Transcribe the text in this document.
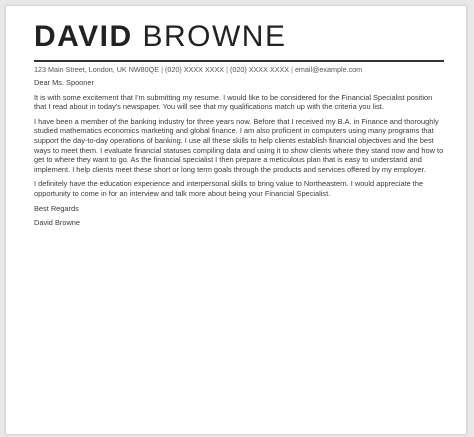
DAVID BROWNE
123 Main Street, London, UK NW80QE | (020) XXXX XXXX | (020) XXXX XXXX | email@example.com

Dear Ms. Spooner

It is with some excitement that I'm submitting my resume. I would like to be considered for the Financial Specialist position that I read about in today's newspaper. You will see that my qualifications match up with the criteria you list.

I have been a member of the banking industry for three years now. Before that I received my B.A. in Finance and thoroughly studied mathematics economics marketing and global finance. I am also proficient in computers using many programs that support the day-to-day operations of banking. I use all these skills to help clients establish financial objectives and the best ways to meet them. I evaluate financial statuses compiling data and using it to show clients where they stand now and how to get to where they want to go. As the financial specialist I then prepare a meticulous plan that is easy to understand and implement. I help clients meet these short or long term goals through the products and services offered by my employer.

I definitely have the education experience and interpersonal skills to bring value to Northeastern. I would appreciate the opportunity to come in for an interview and talk more about being your Financial Specialist.

Best Regards

David Browne
